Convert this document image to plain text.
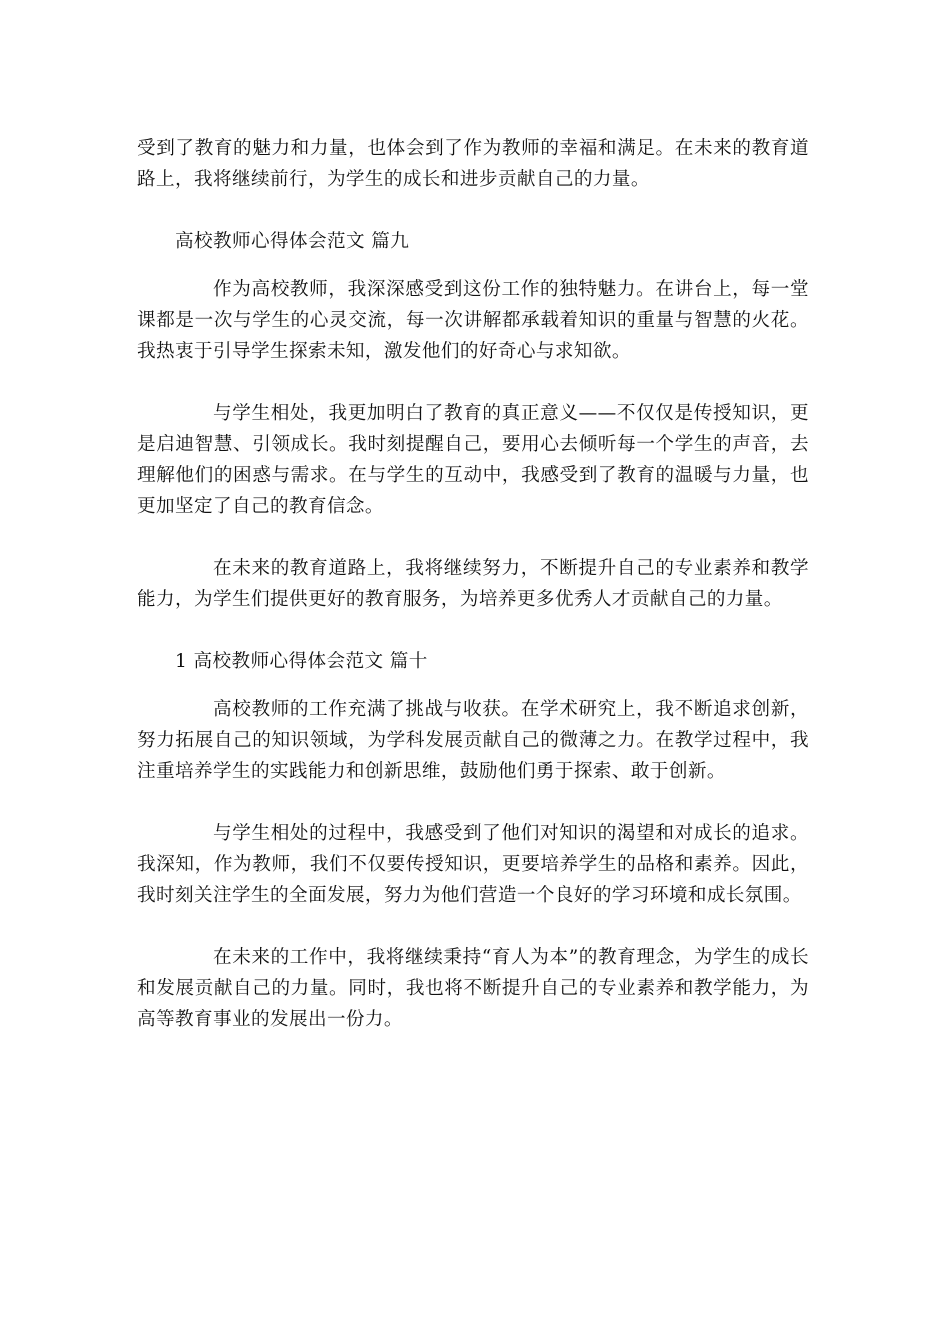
受到了教育的魅力和力量，也体会到了作为教师的幸福和满足。在未来的教育道路上，我将继续前行，为学生的成长和进步贡献自己的力量。

高校教师心得体会范文 篇九

作为高校教师，我深深感受到这份工作的独特魅力。在讲台上，每一堂课都是一次与学生的心灵交流，每一次讲解都承载着知识的重量与智慧的火花。我热衷于引导学生探索未知，激发他们的好奇心与求知欲。

与学生相处，我更加明白了教育的真正意义——不仅仅是传授知识，更是启迪智慧、引领成长。我时刻提醒自己，要用心去倾听每一个学生的声音，去理解他们的困惑与需求。在与学生的互动中，我感受到了教育的温暖与力量，也更加坚定了自己的教育信念。

在未来的教育道路上，我将继续努力，不断提升自己的专业素养和教学能力，为学生们提供更好的教育服务，为培养更多优秀人才贡献自己的力量。

1 高校教师心得体会范文 篇十

高校教师的工作充满了挑战与收获。在学术研究上，我不断追求创新，努力拓展自己的知识领域，为学科发展贡献自己的微薄之力。在教学过程中，我注重培养学生的实践能力和创新思维，鼓励他们勇于探索、敢于创新。

与学生相处的过程中，我感受到了他们对知识的渴望和对成长的追求。我深知，作为教师，我们不仅要传授知识，更要培养学生的品格和素养。因此，我时刻关注学生的全面发展，努力为他们营造一个良好的学习环境和成长氛围。

在未来的工作中，我将继续秉持“育人为本”的教育理念，为学生的成长和发展贡献自己的力量。同时，我也将不断提升自己的专业素养和教学能力，为高等教育事业的发展出一份力。
